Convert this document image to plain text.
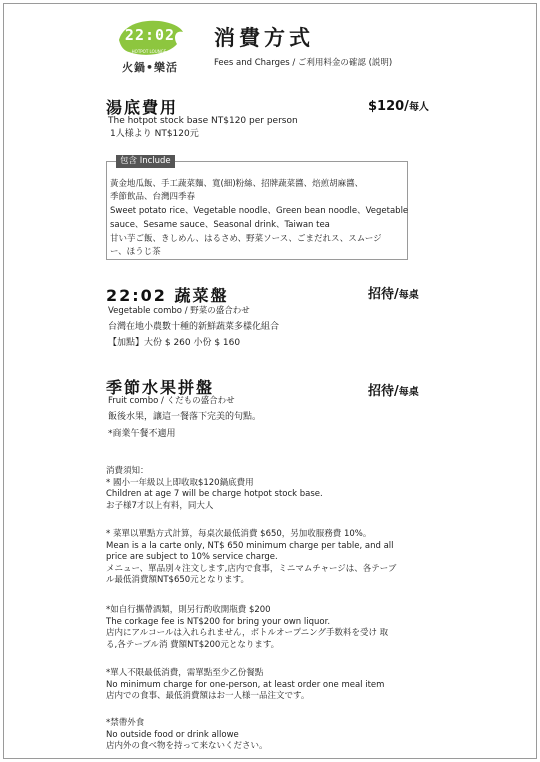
22:02
HOTPOT LOUNGE
火鍋•樂活
消費方式
Fees and Charges / ご利用料金の確認 (説明)
湯底費用	$120/每人
The hotpot stock base NT$120 per person
1人様より NT$120元
包含 Include
黃金地瓜飯、手工蔬菜麵、寬(細)粉絲、招牌蔬菜醬、焙煎胡麻醬、
季節飲品、台灣四季春
Sweet potato rice、Vegetable noodle、Green bean noodle、Vegetable
sauce、Sesame sauce、Seasonal drink、Taiwan tea
甘い芋ご飯、きしめん、はるさめ、野菜ソース、ごまだれス、スムージ
ー、ほうじ茶
22:02 蔬菜盤	招待/每桌
Vegetable combo / 野菜の盛合わせ
台灣在地小農數十種的新鮮蔬菜多樣化組合
【加點】大份 $ 260 小份 $ 160
季節水果拼盤	招待/每桌
Fruit combo / くだもの盛合わせ
飯後水果，讓這一餐落下完美的句點。
*商業午餐不適用
消費須知：
* 國小一年級以上即收取$120鍋底費用
Children at age 7 will be charge hotpot stock base.
お子様7才以上有料，同大人
* 菜單以單點方式計算，每桌次最低消費 $650，另加收服務費 10%。
Mean is a la carte only, NT$ 650 minimum charge per table, and all
price are subject to 10% service charge.
メニュー、單品別々注文します,店内で食事，ミニマムチャージは、各テーブ
ル最低消費額NT$650元となります。
*如自行攜帶酒類，則另行酌收開瓶費 $200
The corkage fee is NT$200 for bring your own liquor.
店内にアルコールは入れられません，ボトルオープニング手数料を受け 取
る,各テーブル消 費額NT$200元となります。
*單人不限最低消費，需單點至少乙份餐點
No minimum charge for one-person, at least order one meal item
店内での食事、最低消費額はお一人様一品注文です。
*禁帶外食
No outside food or drink allowe
店内外の食べ物を持って来ないください。
